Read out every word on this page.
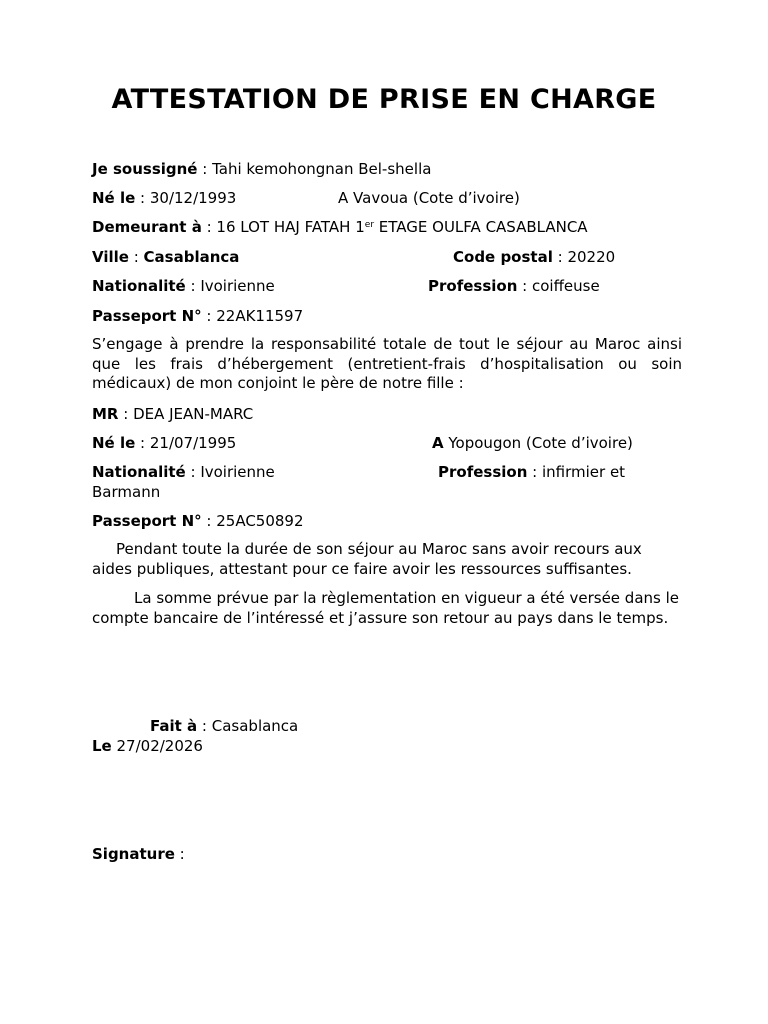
ATTESTATION DE PRISE EN CHARGE
Je soussigné : Tahi kemohongnan Bel-shella
Né le : 30/12/1993	A Vavoua (Cote d’ivoire)
Demeurant à : 16 LOT HAJ FATAH 1er ETAGE OULFA CASABLANCA
Ville : Casablanca	Code postal : 20220
Nationalité : Ivoirienne	Profession : coiffeuse
Passeport N° : 22AK11597
S’engage à prendre la responsabilité totale de tout le séjour au Maroc ainsi que les frais d’hébergement (entretient-frais d’hospitalisation ou soin médicaux) de mon conjoint le père de notre fille :
MR : DEA JEAN-MARC
Né le : 21/07/1995	A Yopougon (Cote d’ivoire)
Nationalité : Ivoirienne	Profession : infirmier et
Barmann
Passeport N° : 25AC50892
Pendant toute la durée de son séjour au Maroc sans avoir recours aux aides publiques, attestant pour ce faire avoir les ressources suffisantes.
La somme prévue par la règlementation en vigueur a été versée dans le compte bancaire de l’intéressé et j’assure son retour au pays dans le temps.
Fait à : Casablanca
Le 27/02/2026
Signature :
